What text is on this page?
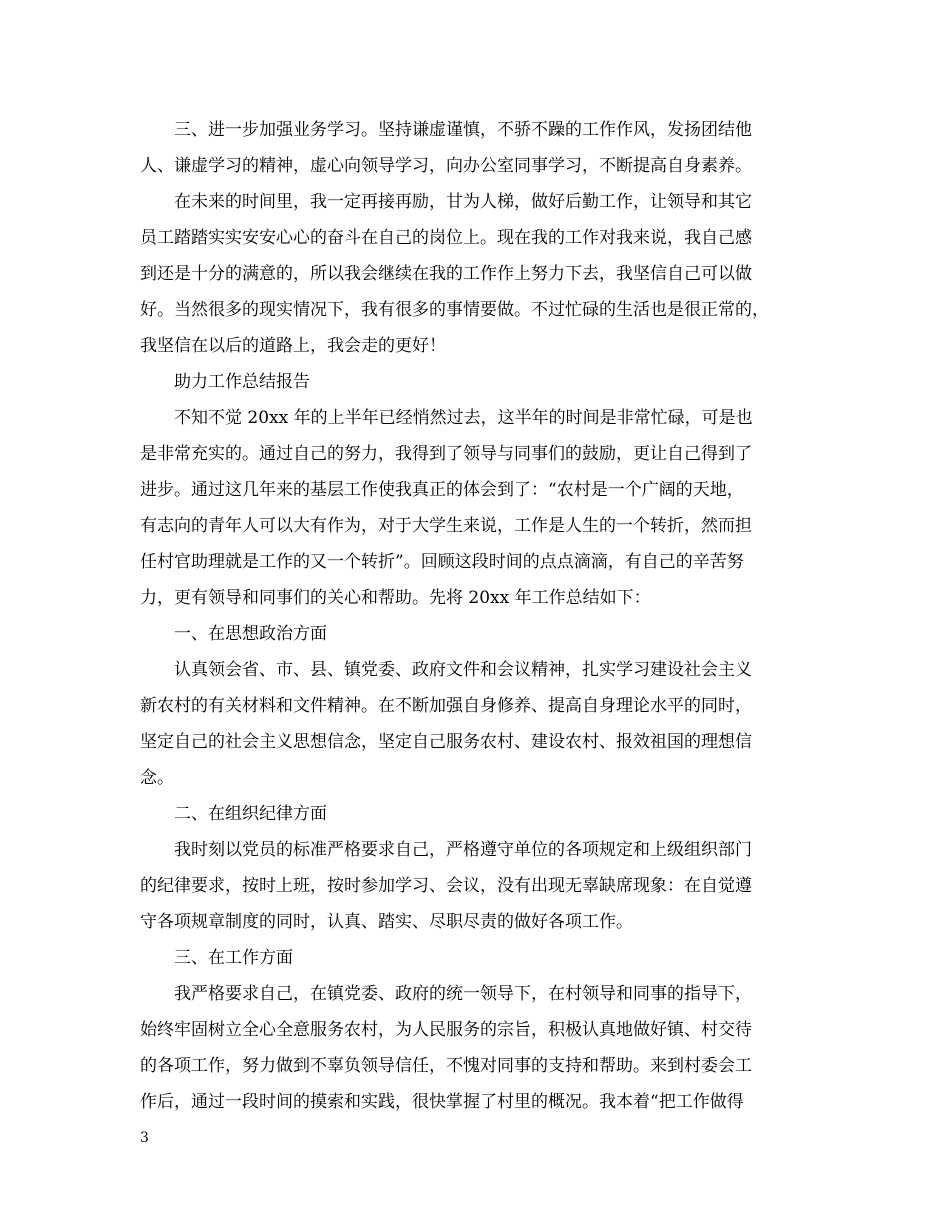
　　三、进一步加强业务学习。坚持谦虚谨慎，不骄不躁的工作作风，发扬团结他
人、谦虚学习的精神，虚心向领导学习，向办公室同事学习，不断提高自身素养。
　　在未来的时间里，我一定再接再励，甘为人梯，做好后勤工作，让领导和其它
员工踏踏实实安安心心的奋斗在自己的岗位上。现在我的工作对我来说，我自己感
到还是十分的满意的，所以我会继续在我的工作作上努力下去，我坚信自己可以做
好。当然很多的现实情况下，我有很多的事情要做。不过忙碌的生活也是很正常的，
我坚信在以后的道路上，我会走的更好！
　　助力工作总结报告
　　不知不觉 20xx 年的上半年已经悄然过去，这半年的时间是非常忙碌，可是也
是非常充实的。通过自己的努力，我得到了领导与同事们的鼓励，更让自己得到了
进步。通过这几年来的基层工作使我真正的体会到了：“农村是一个广阔的天地，
有志向的青年人可以大有作为，对于大学生来说，工作是人生的一个转折，然而担
任村官助理就是工作的又一个转折”。回顾这段时间的点点滴滴，有自己的辛苦努
力，更有领导和同事们的关心和帮助。先将 20xx 年工作总结如下：
　　一、在思想政治方面
　　认真领会省、市、县、镇党委、政府文件和会议精神，扎实学习建设社会主义
新农村的有关材料和文件精神。在不断加强自身修养、提高自身理论水平的同时，
坚定自己的社会主义思想信念，坚定自己服务农村、建设农村、报效祖国的理想信
念。
　　二、在组织纪律方面
　　我时刻以党员的标准严格要求自己，严格遵守单位的各项规定和上级组织部门
的纪律要求，按时上班，按时参加学习、会议，没有出现无辜缺席现象：在自觉遵
守各项规章制度的同时，认真、踏实、尽职尽责的做好各项工作。
　　三、在工作方面
　　我严格要求自己，在镇党委、政府的统一领导下，在村领导和同事的指导下，
始终牢固树立全心全意服务农村，为人民服务的宗旨，积极认真地做好镇、村交待
的各项工作，努力做到不辜负领导信任，不愧对同事的支持和帮助。来到村委会工
作后，通过一段时间的摸索和实践，很快掌握了村里的概况。我本着“把工作做得
3
